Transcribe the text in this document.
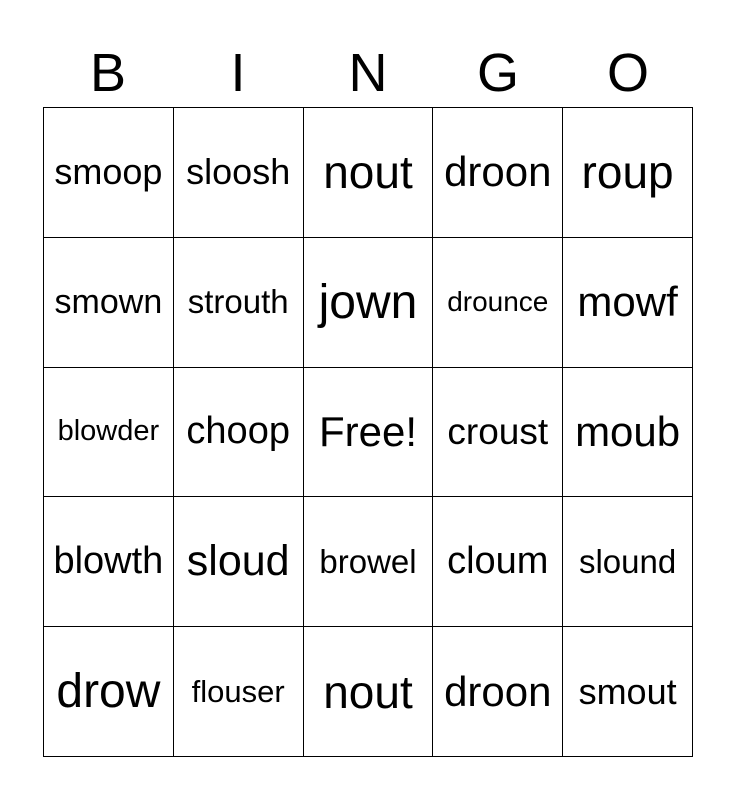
B	I	N	G	O
smoop sloosh nout droon roup
smown strouth jown	drounce mowf
blowder choop Free! croust moub
blowth sloud browel cloum slound
drow	flouser nout droon smout
